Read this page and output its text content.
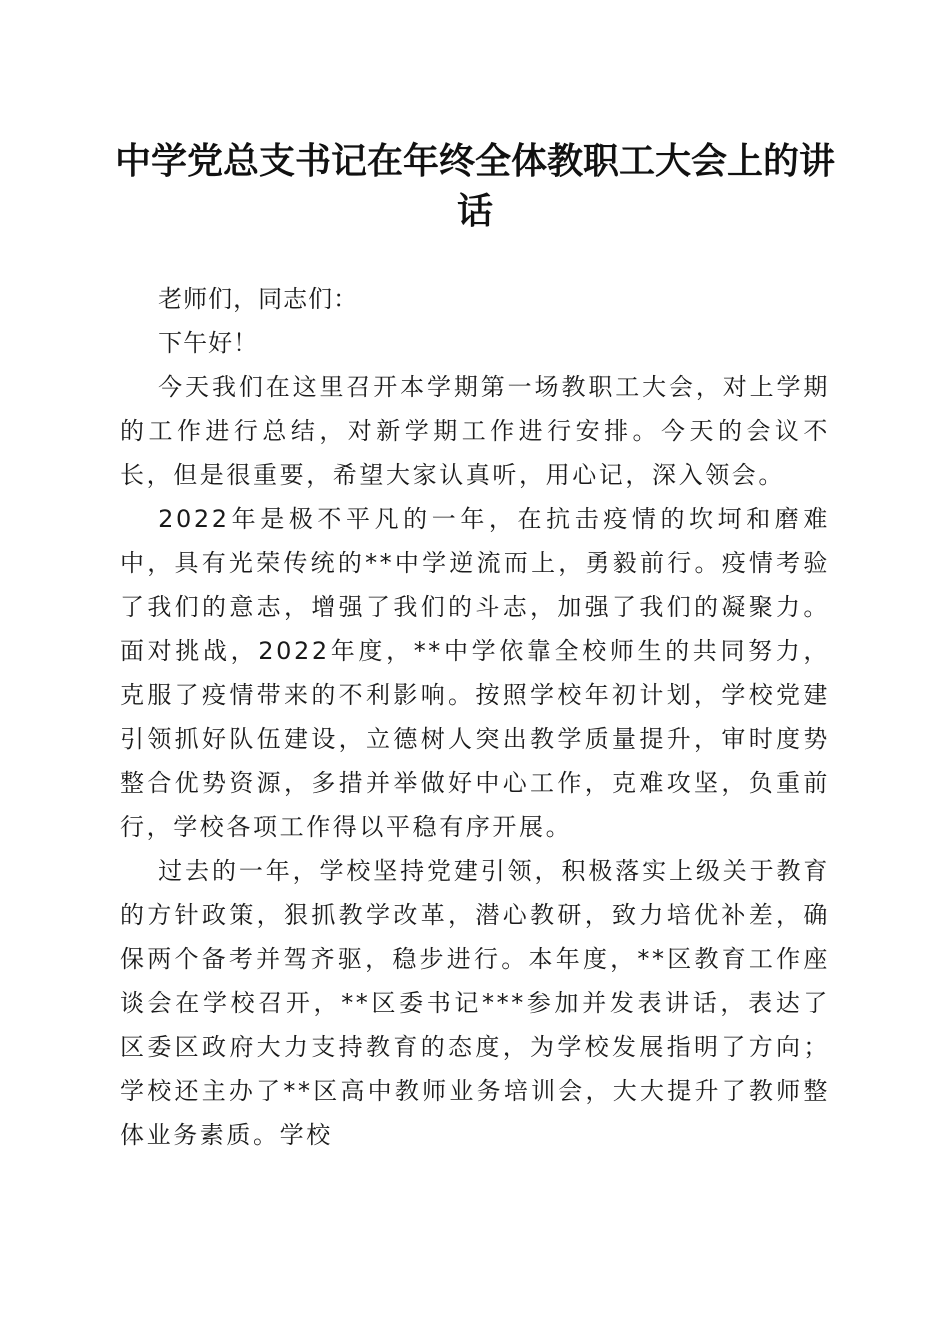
中学党总支书记在年终全体教职工大会上的讲话

老师们，同志们：

下午好！

今天我们在这里召开本学期第一场教职工大会，对上学期的工作进行总结，对新学期工作进行安排。今天的会议不长，但是很重要，希望大家认真听，用心记，深入领会。

2022年是极不平凡的一年，在抗击疫情的坎坷和磨难中，具有光荣传统的**中学逆流而上，勇毅前行。疫情考验了我们的意志，增强了我们的斗志，加强了我们的凝聚力。面对挑战，2022年度，**中学依靠全校师生的共同努力，克服了疫情带来的不利影响。按照学校年初计划，学校党建引领抓好队伍建设，立德树人突出教学质量提升，审时度势整合优势资源，多措并举做好中心工作，克难攻坚，负重前行，学校各项工作得以平稳有序开展。

过去的一年，学校坚持党建引领，积极落实上级关于教育的方针政策，狠抓教学改革，潜心教研，致力培优补差，确保两个备考并驾齐驱，稳步进行。本年度，**区教育工作座谈会在学校召开，**区委书记***参加并发表讲话，表达了区委区政府大力支持教育的态度，为学校发展指明了方向；学校还主办了**区高中教师业务培训会，大大提升了教师整体业务素质。学校
